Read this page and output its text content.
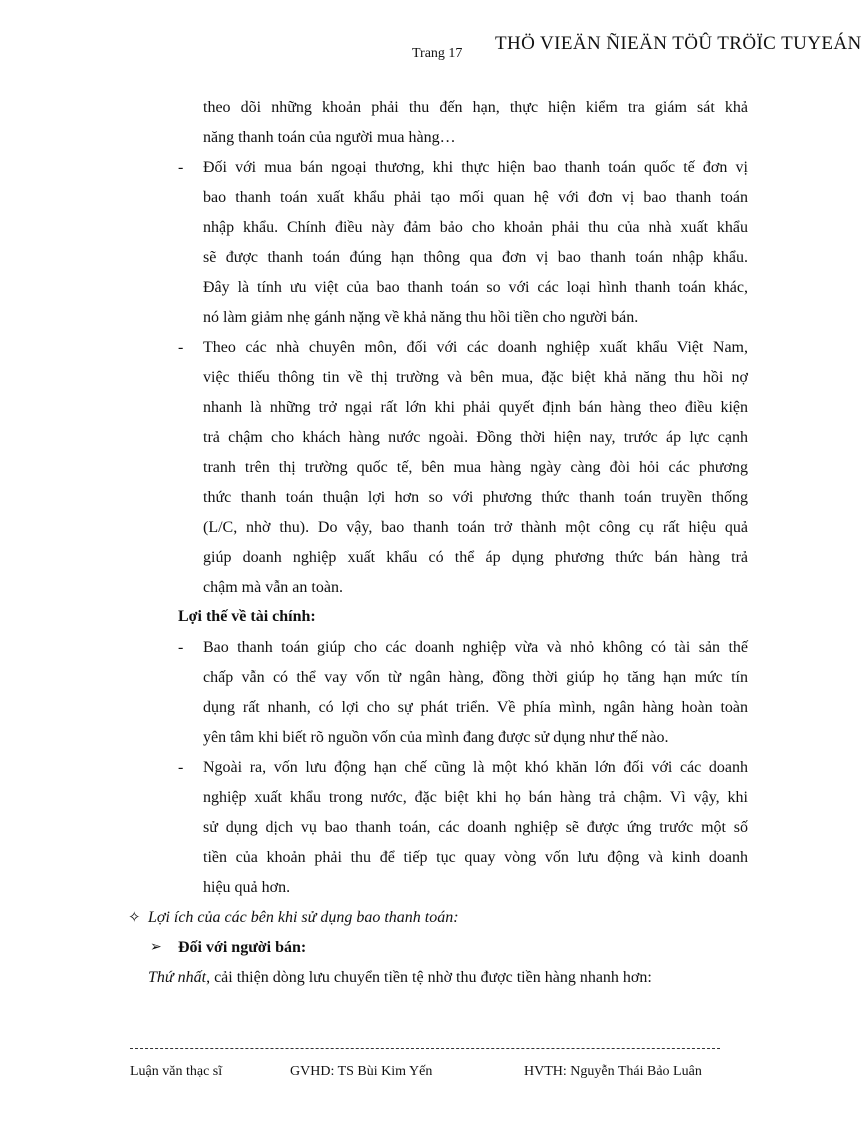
Trang 17 THÖ VIEÄN ÑIEÄN TÖÛ TRÖÏC TUYEÁN
theo dõi những khoản phải thu đến hạn, thực hiện kiểm tra giám sát khả
năng thanh toán của người mua hàng…
- Đối với mua bán ngoại thương, khi thực hiện bao thanh toán quốc tế đơn vị
bao thanh toán xuất khẩu phải tạo mối quan hệ với đơn vị bao thanh toán
nhập khẩu. Chính điều này đảm bảo cho khoản phải thu của nhà xuất khẩu
sẽ được thanh toán đúng hạn thông qua đơn vị bao thanh toán nhập khẩu.
Đây là tính ưu việt của bao thanh toán so với các loại hình thanh toán khác,
nó làm giảm nhẹ gánh nặng về khả năng thu hồi tiền cho người bán.
- Theo các nhà chuyên môn, đối với các doanh nghiệp xuất khẩu Việt Nam,
việc thiếu thông tin về thị trường và bên mua, đặc biệt khả năng thu hồi nợ
nhanh là những trở ngại rất lớn khi phải quyết định bán hàng theo điều kiện
trả chậm cho khách hàng nước ngoài. Đồng thời hiện nay, trước áp lực cạnh
tranh trên thị trường quốc tế, bên mua hàng ngày càng đòi hỏi các phương
thức thanh toán thuận lợi hơn so với phương thức thanh toán truyền thống
(L/C, nhờ thu). Do vậy, bao thanh toán trở thành một công cụ rất hiệu quả
giúp doanh nghiệp xuất khẩu có thể áp dụng phương thức bán hàng trả
chậm mà vẫn an toàn.
Lợi thế về tài chính:
- Bao thanh toán giúp cho các doanh nghiệp vừa và nhỏ không có tài sản thế
chấp vẫn có thể vay vốn từ ngân hàng, đồng thời giúp họ tăng hạn mức tín
dụng rất nhanh, có lợi cho sự phát triển. Về phía mình, ngân hàng hoàn toàn
yên tâm khi biết rõ nguồn vốn của mình đang được sử dụng như thế nào.
- Ngoài ra, vốn lưu động hạn chế cũng là một khó khăn lớn đối với các doanh
nghiệp xuất khẩu trong nước, đặc biệt khi họ bán hàng trả chậm. Vì vậy, khi
sử dụng dịch vụ bao thanh toán, các doanh nghiệp sẽ được ứng trước một số
tiền của khoản phải thu để tiếp tục quay vòng vốn lưu động và kinh doanh
hiệu quả hơn.
✧ Lợi ích của các bên khi sử dụng bao thanh toán:
➢ Đối với người bán:
Thứ nhất, cải thiện dòng lưu chuyển tiền tệ nhờ thu được tiền hàng nhanh hơn:
Luận văn thạc sĩ	GVHD: TS Bùi Kim Yến	HVTH: Nguyễn Thái Bảo Luân
